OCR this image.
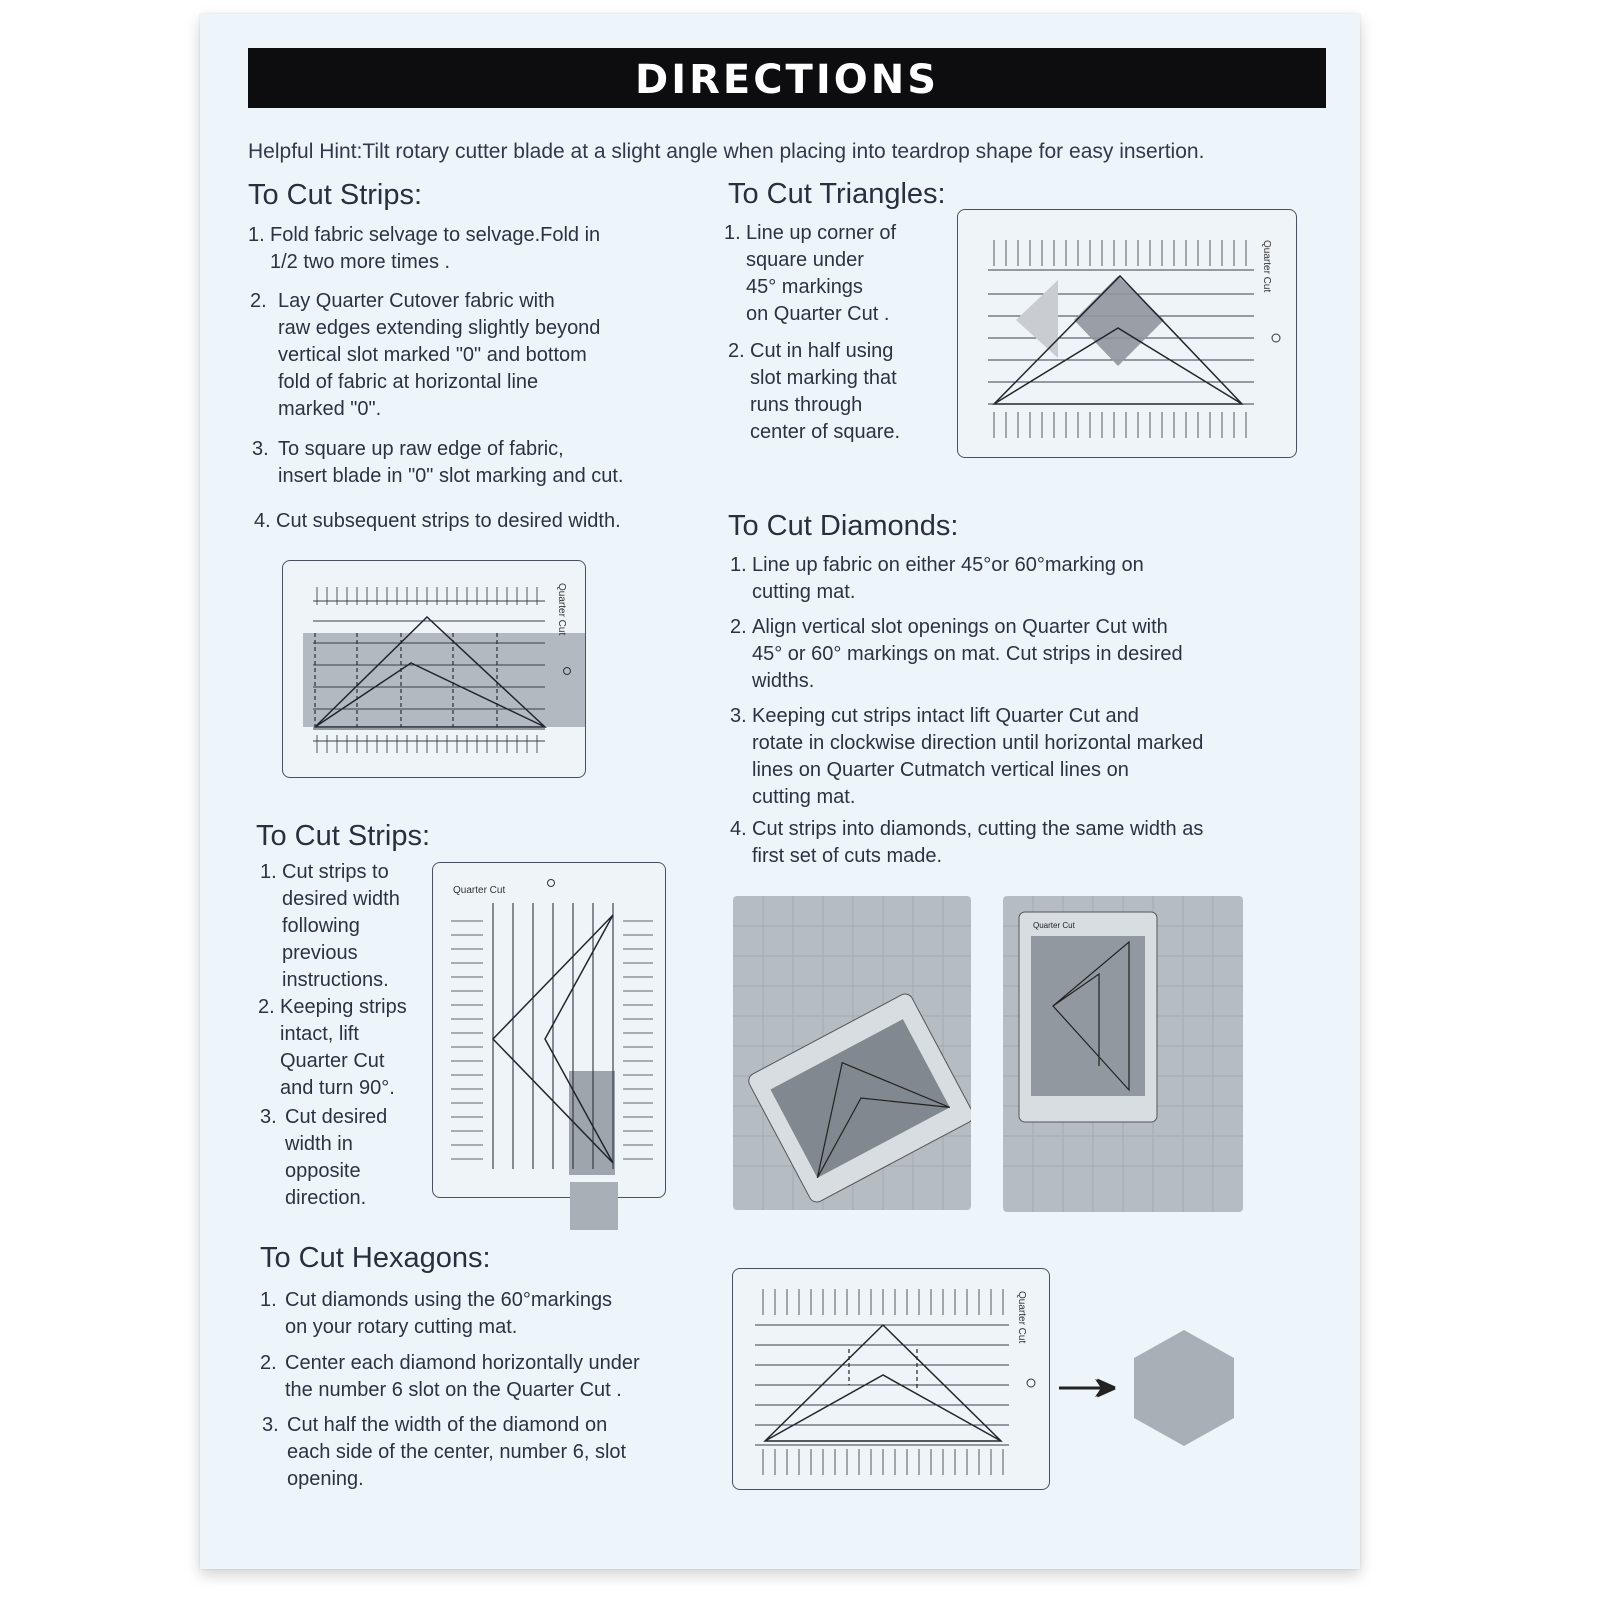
DIRECTIONS
Helpful Hint:Tilt rotary cutter blade at a slight angle when placing into teardrop shape for easy insertion.
To Cut Strips:
1. Fold fabric selvage to selvage.Fold in
1/2 two more times .
2. Lay Quarter Cutover fabric with
raw edges extending slightly beyond
vertical slot marked "0" and bottom
fold of fabric at horizontal line
marked "0".
3. To square up raw edge of fabric,
insert blade in "0" slot marking and cut.
4. Cut subsequent strips to desired width.
Quarter Cut
To Cut Triangles:
1. Line up corner of
square under
45° markings
on Quarter Cut .
2. Cut in half using
slot marking that
runs through
center of square.
Quarter Cut
To Cut Diamonds:
1. Line up fabric on either 45°or 60°marking on
cutting mat.
2. Align vertical slot openings on Quarter Cut with
45° or 60° markings on mat. Cut strips in desired
widths.
3. Keeping cut strips intact lift Quarter Cut and
rotate in clockwise direction until horizontal marked
lines on Quarter Cutmatch vertical lines on
cutting mat.
4. Cut strips into diamonds, cutting the same width as
first set of cuts made.
Quarter Cut
To Cut Strips:
1. Cut strips to
desired width
following
previous
instructions.
2. Keeping strips
intact, lift
Quarter Cut
and turn 90°.
3. Cut desired
width in
opposite
direction.
Quarter Cut
To Cut Hexagons:
1. Cut diamonds using the 60°markings
on your rotary cutting mat.
2. Center each diamond horizontally under
the number 6 slot on the Quarter Cut .
3. Cut half the width of the diamond on
each side of the center, number 6, slot
opening.
Quarter Cut
